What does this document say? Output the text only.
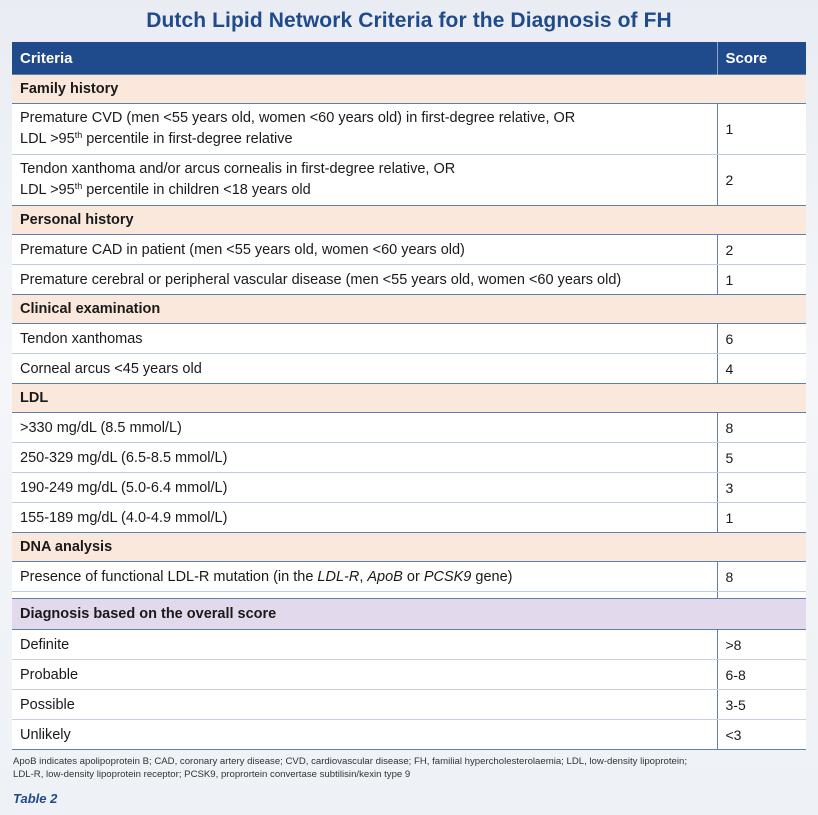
Dutch Lipid Network Criteria for the Diagnosis of FH
Criteria	Score
Family history	
Premature CVD (men <55 years old, women <60 years old) in first-degree relative, OR
LDL >95th percentile in first-degree relative	1
Tendon xanthoma and/or arcus cornealis in first-degree relative, OR
LDL >95th percentile in children <18 years old	2
Personal history	
Premature CAD in patient (men <55 years old, women <60 years old)	2
Premature cerebral or peripheral vascular disease (men <55 years old, women <60 years old)	1
Clinical examination	
Tendon xanthomas	6
Corneal arcus <45 years old	4
LDL	
>330 mg/dL (8.5 mmol/L)	8
250-329 mg/dL (6.5-8.5 mmol/L)	5
190-249 mg/dL (5.0-6.4 mmol/L)	3
155-189 mg/dL (4.0-4.9 mmol/L)	1
DNA analysis	
Presence of functional LDL-R mutation (in the LDL-R, ApoB or PCSK9 gene)	8

Diagnosis based on the overall score	
Definite	>8
Probable	6-8
Possible	3-5
Unlikely	<3
ApoB indicates apolipoprotein B; CAD, coronary artery disease; CVD, cardiovascular disease; FH, familial hypercholesterolaemia; LDL, low-density lipoprotein;
LDL-R, low-density lipoprotein receptor; PCSK9, proprortein convertase subtilisin/kexin type 9
Table 2
